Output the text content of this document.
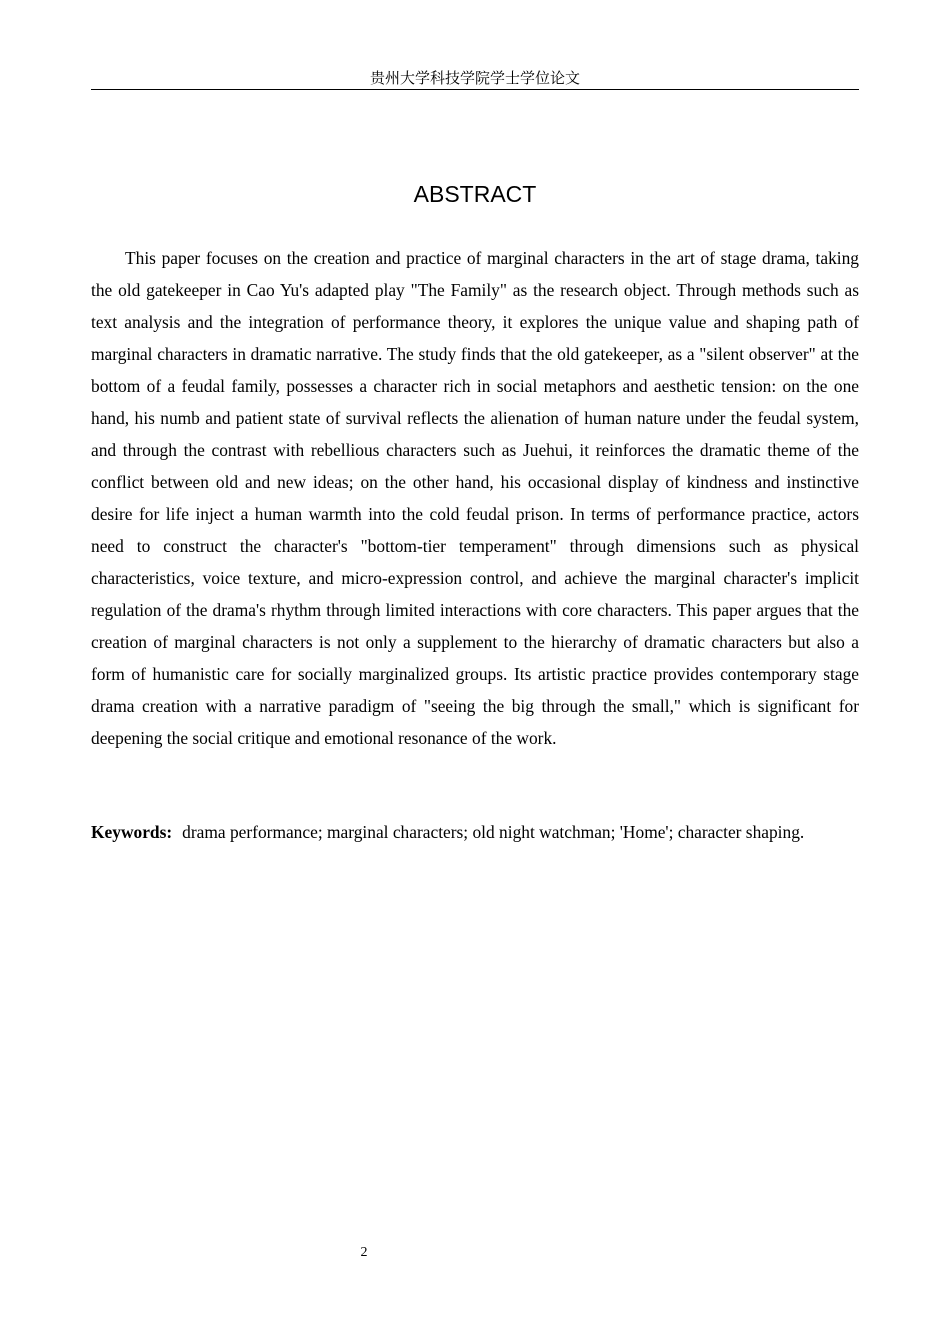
贵州大学科技学院学士学位论文
ABSTRACT

This paper focuses on the creation and practice of marginal characters in the art of stage drama, taking the old gatekeeper in Cao Yu's adapted play "The Family" as the research object. Through methods such as text analysis and the integration of performance theory, it explores the unique value and shaping path of marginal characters in dramatic narrative. The study finds that the old gatekeeper, as a "silent observer" at the bottom of a feudal family, possesses a character rich in social metaphors and aesthetic tension: on the one hand, his numb and patient state of survival reflects the alienation of human nature under the feudal system, and through the contrast with rebellious characters such as Juehui, it reinforces the dramatic theme of the conflict between old and new ideas; on the other hand, his occasional display of kindness and instinctive desire for life inject a human warmth into the cold feudal prison. In terms of performance practice, actors need to construct the character's "bottom-tier temperament" through dimensions such as physical characteristics, voice texture, and micro-expression control, and achieve the marginal character's implicit regulation of the drama's rhythm through limited interactions with core characters. This paper argues that the creation of marginal characters is not only a supplement to the hierarchy of dramatic characters but also a form of humanistic care for socially marginalized groups. Its artistic practice provides contemporary stage drama creation with a narrative paradigm of "seeing the big through the small," which is significant for deepening the social critique and emotional resonance of the work.

Keywords: drama performance; marginal characters; old night watchman; 'Home'; character shaping.

2
